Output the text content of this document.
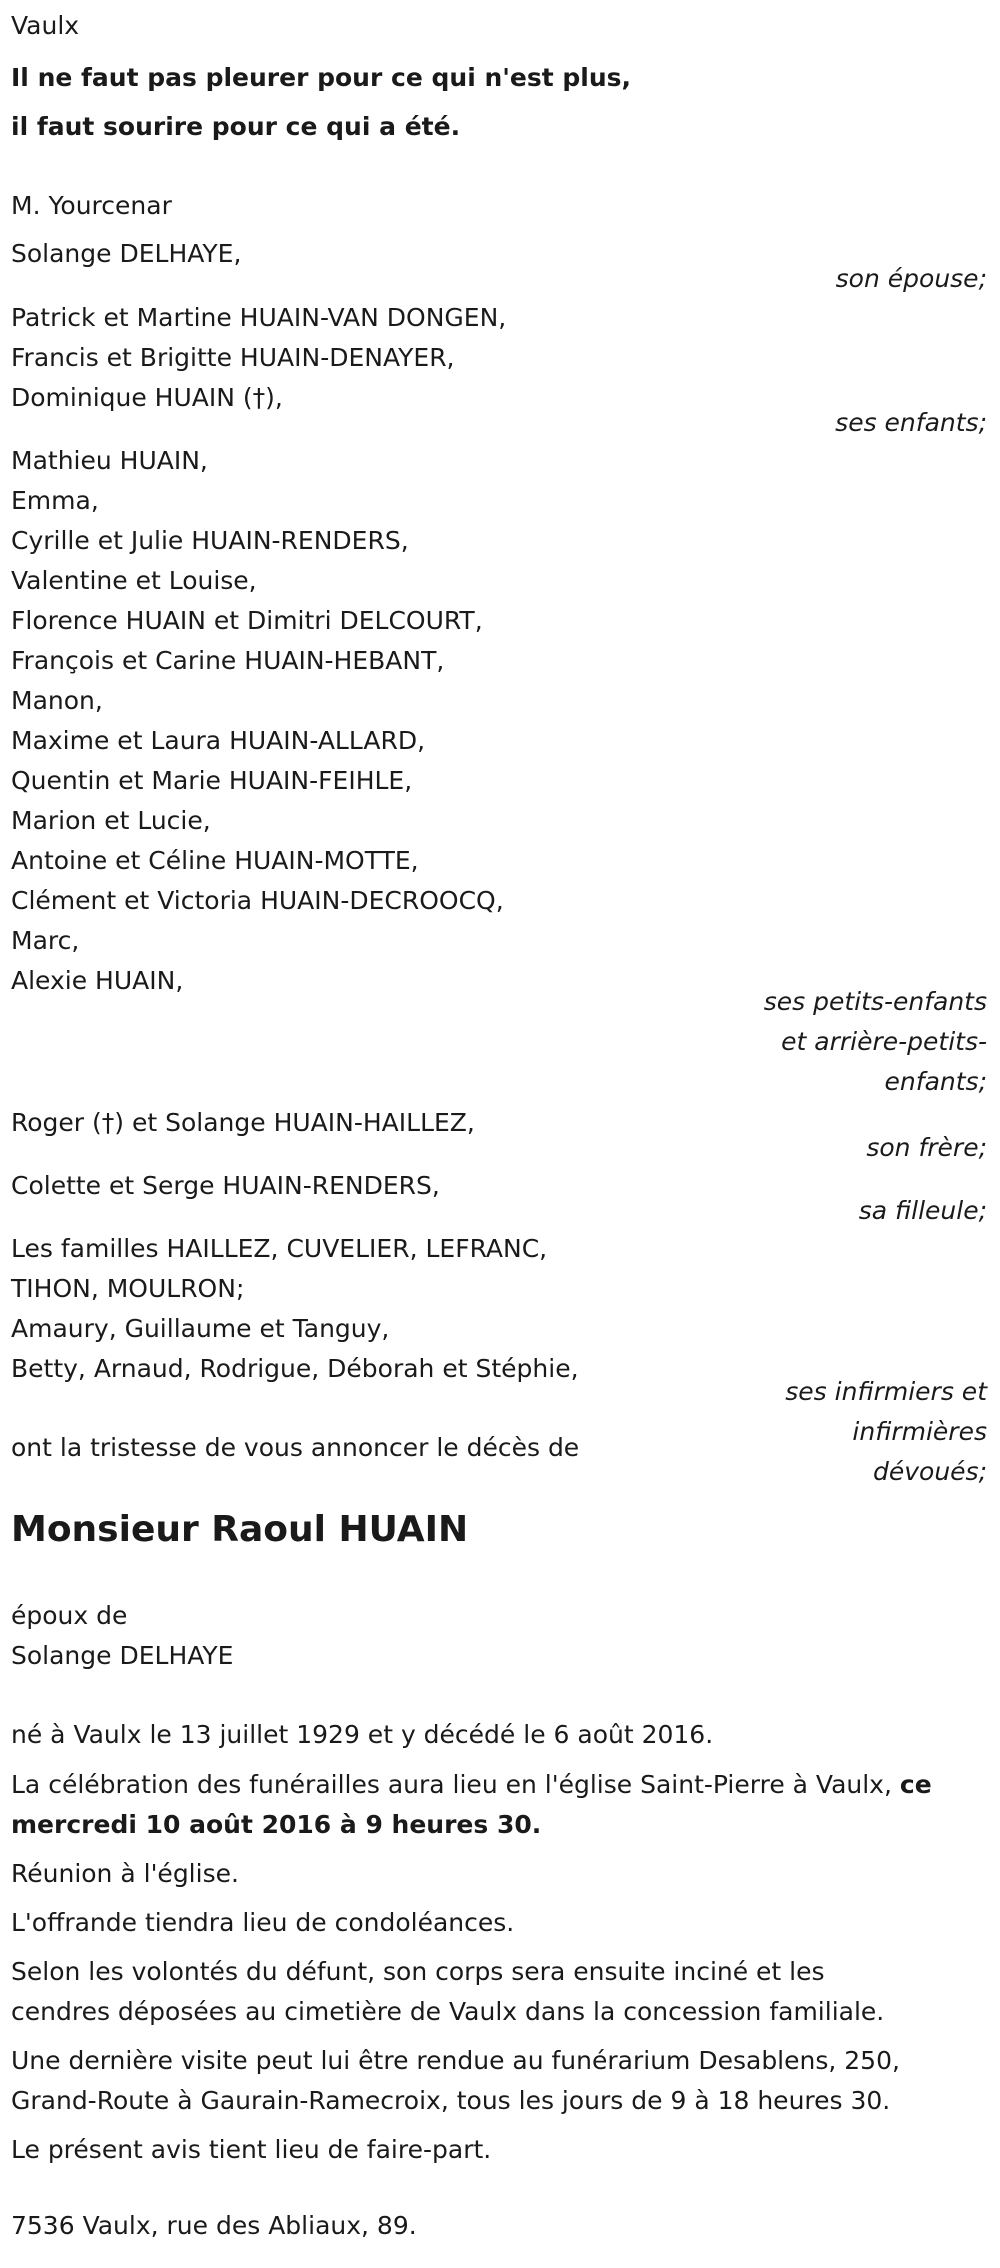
Vaulx

Il ne faut pas pleurer pour ce qui n'est plus,

il faut sourire pour ce qui a été.

M. Yourcenar

Solange DELHAYE,

son épouse;

Patrick et Martine HUAIN-VAN DONGEN,

Francis et Brigitte HUAIN-DENAYER,

Dominique HUAIN (†),

ses enfants;

Mathieu HUAIN,

Emma,

Cyrille et Julie HUAIN-RENDERS,

Valentine et Louise,

Florence HUAIN et Dimitri DELCOURT,

François et Carine HUAIN-HEBANT,

Manon,

Maxime et Laura HUAIN-ALLARD,

Quentin et Marie HUAIN-FEIHLE,

Marion et Lucie,

Antoine et Céline HUAIN-MOTTE,

Clément et Victoria HUAIN-DECROOCQ,

Marc,

Alexie HUAIN,

ses petits-enfants
et arrière-petits-
enfants;

Roger (†) et Solange HUAIN-HAILLEZ,

son frère;

Colette et Serge HUAIN-RENDERS,

sa filleule;

Les familles HAILLEZ, CUVELIER, LEFRANC,

TIHON, MOULRON;

Amaury, Guillaume et Tanguy,

Betty, Arnaud, Rodrigue, Déborah et Stéphie,

ses infirmiers et
infirmières
dévoués;

ont la tristesse de vous annoncer le décès de

Monsieur Raoul HUAIN

époux de

Solange DELHAYE

né à Vaulx le 13 juillet 1929 et y décédé le 6 août 2016.

La célébration des funérailles aura lieu en l'église Saint-Pierre à Vaulx, ce

mercredi 10 août 2016 à 9 heures 30.

Réunion à l'église.

L'offrande tiendra lieu de condoléances.

Selon les volontés du défunt, son corps sera ensuite inciné et les

cendres déposées au cimetière de Vaulx dans la concession familiale.

Une dernière visite peut lui être rendue au funérarium Desablens, 250,

Grand-Route à Gaurain-Ramecroix, tous les jours de 9 à 18 heures 30.

Le présent avis tient lieu de faire-part.

7536 Vaulx, rue des Abliaux, 89.
